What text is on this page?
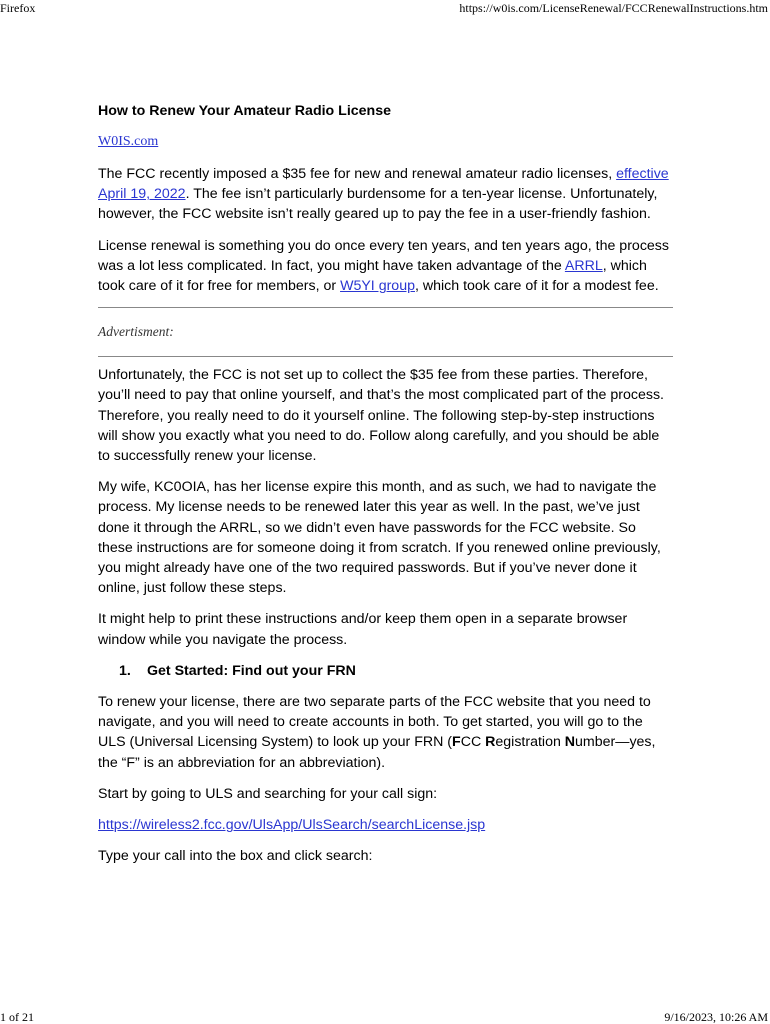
Firefox	https://w0is.com/LicenseRenewal/FCCRenewalInstructions.htm
How to Renew Your Amateur Radio License
W0IS.com

The FCC recently imposed a $35 fee for new and renewal amateur radio licenses, effective April 19, 2022. The fee isn’t particularly burdensome for a ten-year license. Unfortunately, however, the FCC website isn’t really geared up to pay the fee in a user-friendly fashion.

License renewal is something you do once every ten years, and ten years ago, the process was a lot less complicated. In fact, you might have taken advantage of the ARRL, which took care of it for free for members, or W5YI group, which took care of it for a modest fee.

Advertisment:

Unfortunately, the FCC is not set up to collect the $35 fee from these parties. Therefore, you’ll need to pay that online yourself, and that’s the most complicated part of the process. Therefore, you really need to do it yourself online. The following step-by-step instructions will show you exactly what you need to do. Follow along carefully, and you should be able to successfully renew your license.

My wife, KC0OIA, has her license expire this month, and as such, we had to navigate the process. My license needs to be renewed later this year as well. In the past, we’ve just done it through the ARRL, so we didn’t even have passwords for the FCC website. So these instructions are for someone doing it from scratch. If you renewed online previously, you might already have one of the two required passwords. But if you’ve never done it online, just follow these steps.

It might help to print these instructions and/or keep them open in a separate browser window while you navigate the process.

1. Get Started: Find out your FRN

To renew your license, there are two separate parts of the FCC website that you need to navigate, and you will need to create accounts in both. To get started, you will go to the ULS (Universal Licensing System) to look up your FRN (FCC Registration Number—yes, the “F” is an abbreviation for an abbreviation).

Start by going to ULS and searching for your call sign:

https://wireless2.fcc.gov/UlsApp/UlsSearch/searchLicense.jsp

Type your call into the box and click search:

1 of 21	9/16/2023, 10:26 AM
